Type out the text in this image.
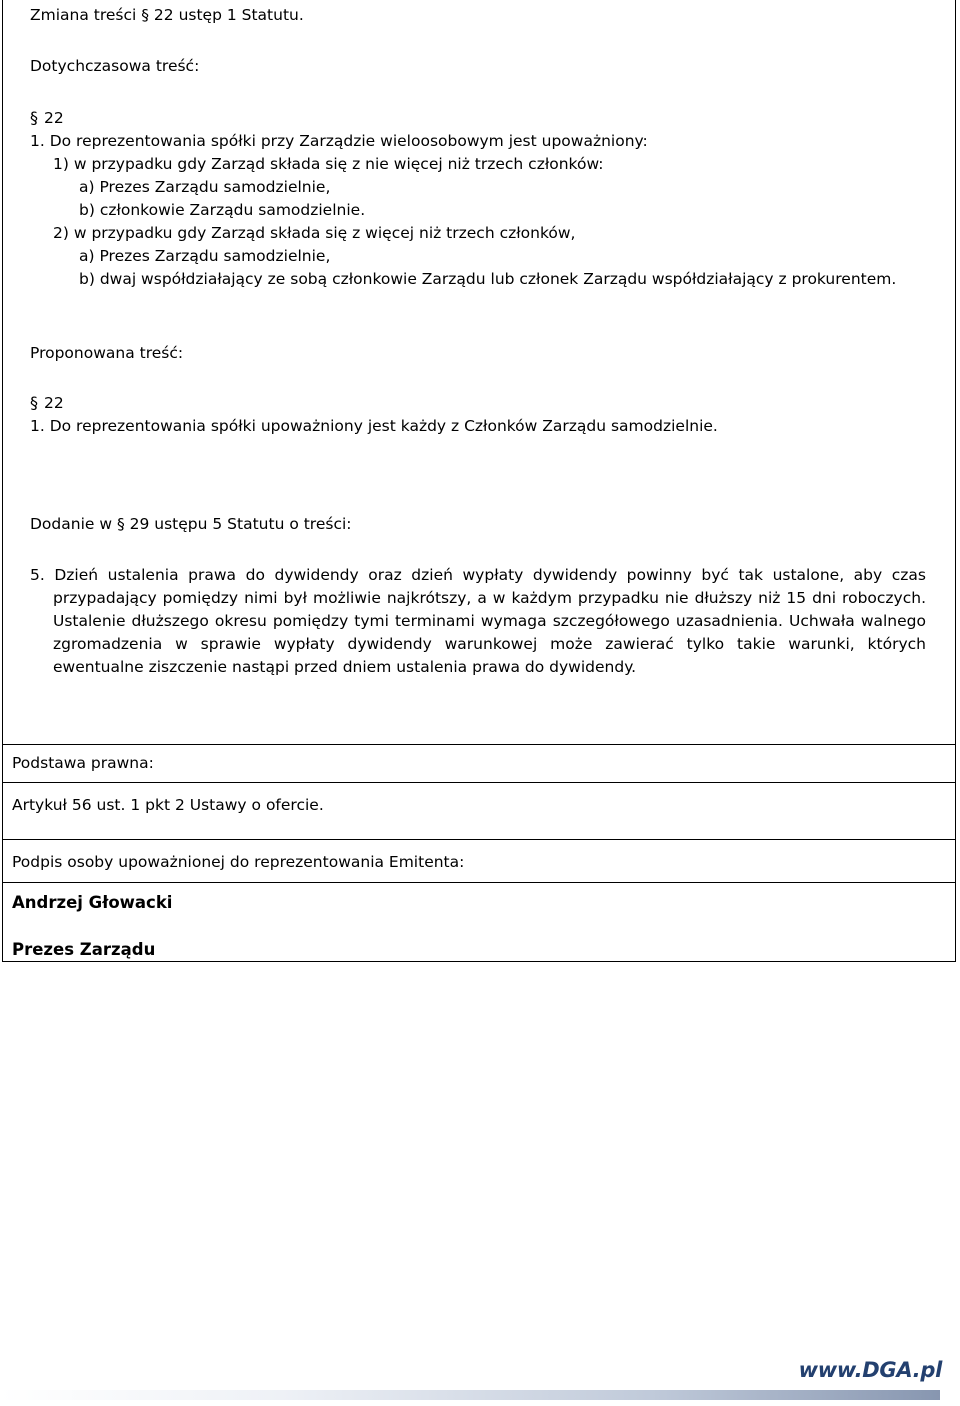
Zmiana treści § 22 ustęp 1 Statutu.
Dotychczasowa treść:
§ 22
1. Do reprezentowania spółki przy Zarządzie wieloosobowym jest upoważniony:
1) w przypadku gdy Zarząd składa się z nie więcej niż trzech członków:
a) Prezes Zarządu samodzielnie,
b) członkowie Zarządu samodzielnie.
2) w przypadku gdy Zarząd składa się z więcej niż trzech członków,
a) Prezes Zarządu samodzielnie,
b) dwaj współdziałający ze sobą członkowie Zarządu lub członek Zarządu współdziałający z prokurentem.
Proponowana treść:
§ 22
1. Do reprezentowania spółki upoważniony jest każdy z Członków Zarządu samodzielnie.
Dodanie w § 29 ustępu 5 Statutu o treści:
5. Dzień ustalenia prawa do dywidendy oraz dzień wypłaty dywidendy powinny być tak ustalone, aby czas przypadający pomiędzy nimi był możliwie najkrótszy, a w każdym przypadku nie dłuższy niż 15 dni roboczych. Ustalenie dłuższego okresu pomiędzy tymi terminami wymaga szczegółowego uzasadnienia. Uchwała walnego zgromadzenia w sprawie wypłaty dywidendy warunkowej może zawierać tylko takie warunki, których ewentualne ziszczenie nastąpi przed dniem ustalenia prawa do dywidendy.
Podstawa prawna:
Artykuł 56 ust. 1 pkt 2 Ustawy o ofercie.
Podpis osoby upoważnionej do reprezentowania Emitenta:
Andrzej Głowacki
Prezes Zarządu
www.DGA.pl
